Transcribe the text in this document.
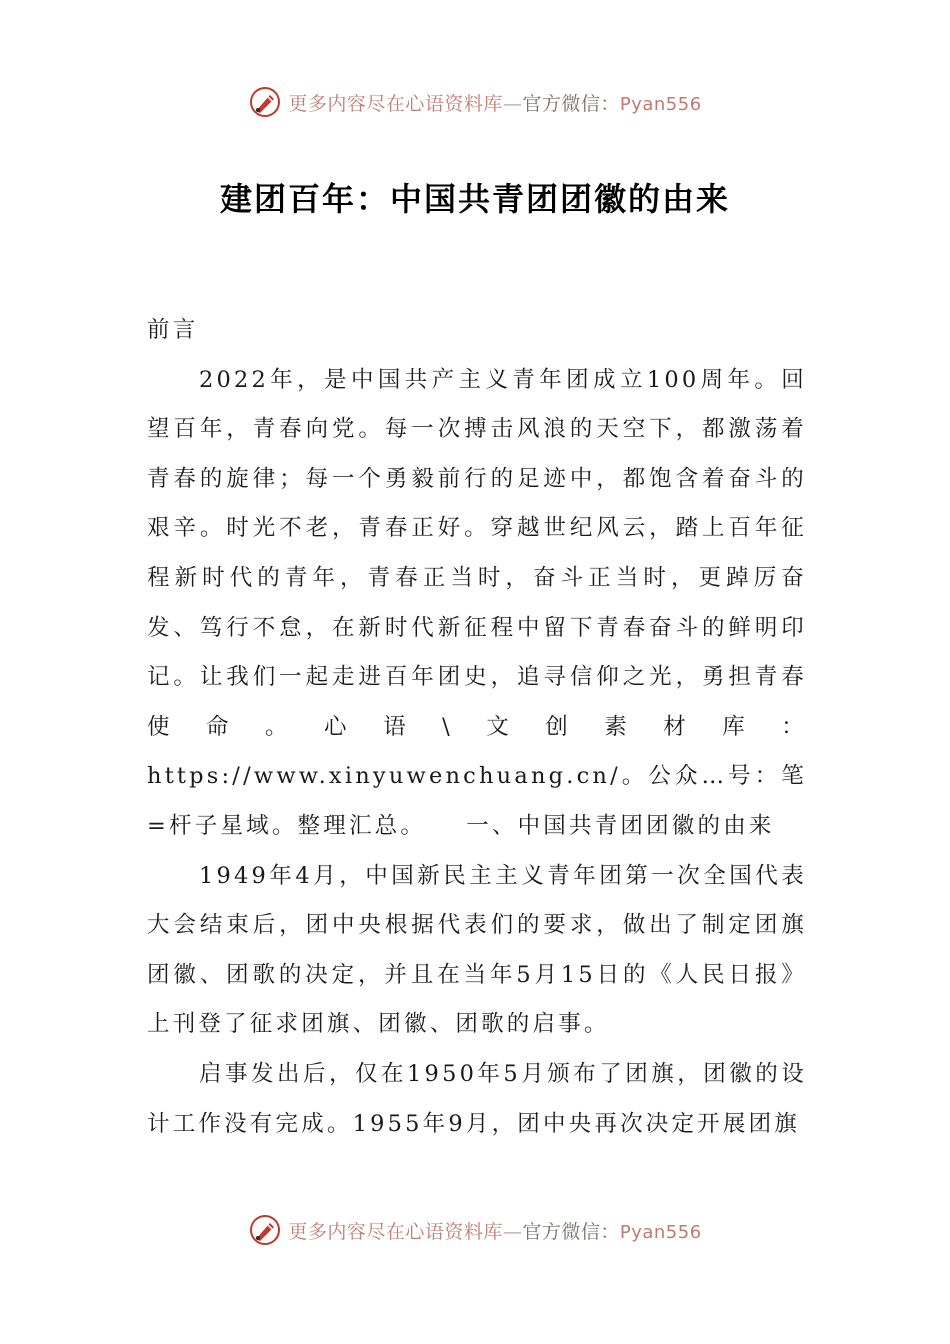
更多内容尽在心语资料库—官方微信：Pyan556
建团百年：中国共青团团徽的由来

前言

2022年，是中国共产主义青年团成立100周年。回望百年，青春向党。每一次搏击风浪的天空下，都激荡着青春的旋律；每一个勇毅前行的足迹中，都饱含着奋斗的艰辛。时光不老，青春正好。穿越世纪风云，踏上百年征程新时代的青年，青春正当时，奋斗正当时，更踔厉奋发、笃行不怠，在新时代新征程中留下青春奋斗的鲜明印记。让我们一起走进百年团史，追寻信仰之光，勇担青春使命。心语\文创素材库：https://www.xinyuwenchuang.cn/。公众…号：笔=杆子星域。整理汇总。　　一、中国共青团团徽的由来

1949年4月，中国新民主主义青年团第一次全国代表大会结束后，团中央根据代表们的要求，做出了制定团旗团徽、团歌的决定，并且在当年5月15日的《人民日报》上刊登了征求团旗、团徽、团歌的启事。

启事发出后，仅在1950年5月颁布了团旗，团徽的设计工作没有完成。1955年9月，团中央再次决定开展团旗

更多内容尽在心语资料库—官方微信：Pyan556
